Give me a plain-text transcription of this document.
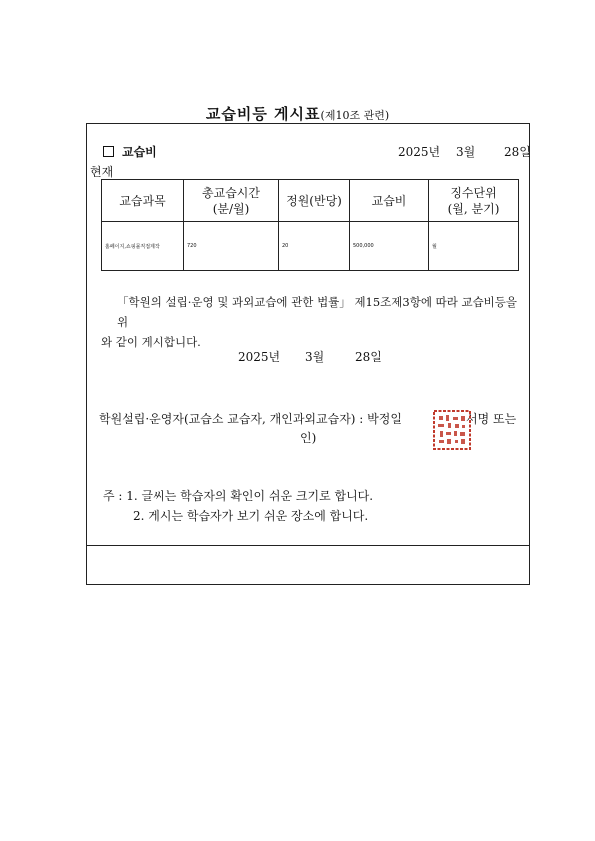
교습비등 게시표(제10조 관련)
교습비	2025년 3월 28일
현재
교습과목	총교습시간 (분/월)	정원(반당)	교습비	징수단위 (월, 분기)
홈페이지,쇼핑몰직접제작	720	20	500,000	월
「학원의 설립·운영 및 과외교습에 관한 법률」 제15조제3항에 따라 교습비등을 위
와 같이 게시합니다.
2025년 3월	28일
학원설립·운영자(교습소 교습자, 개인과외교습자) : 박정일	서명 또는
인)
주 : 1. 글씨는 학습자의 확인이 쉬운 크기로 합니다.
2. 게시는 학습자가 보기 쉬운 장소에 합니다.
